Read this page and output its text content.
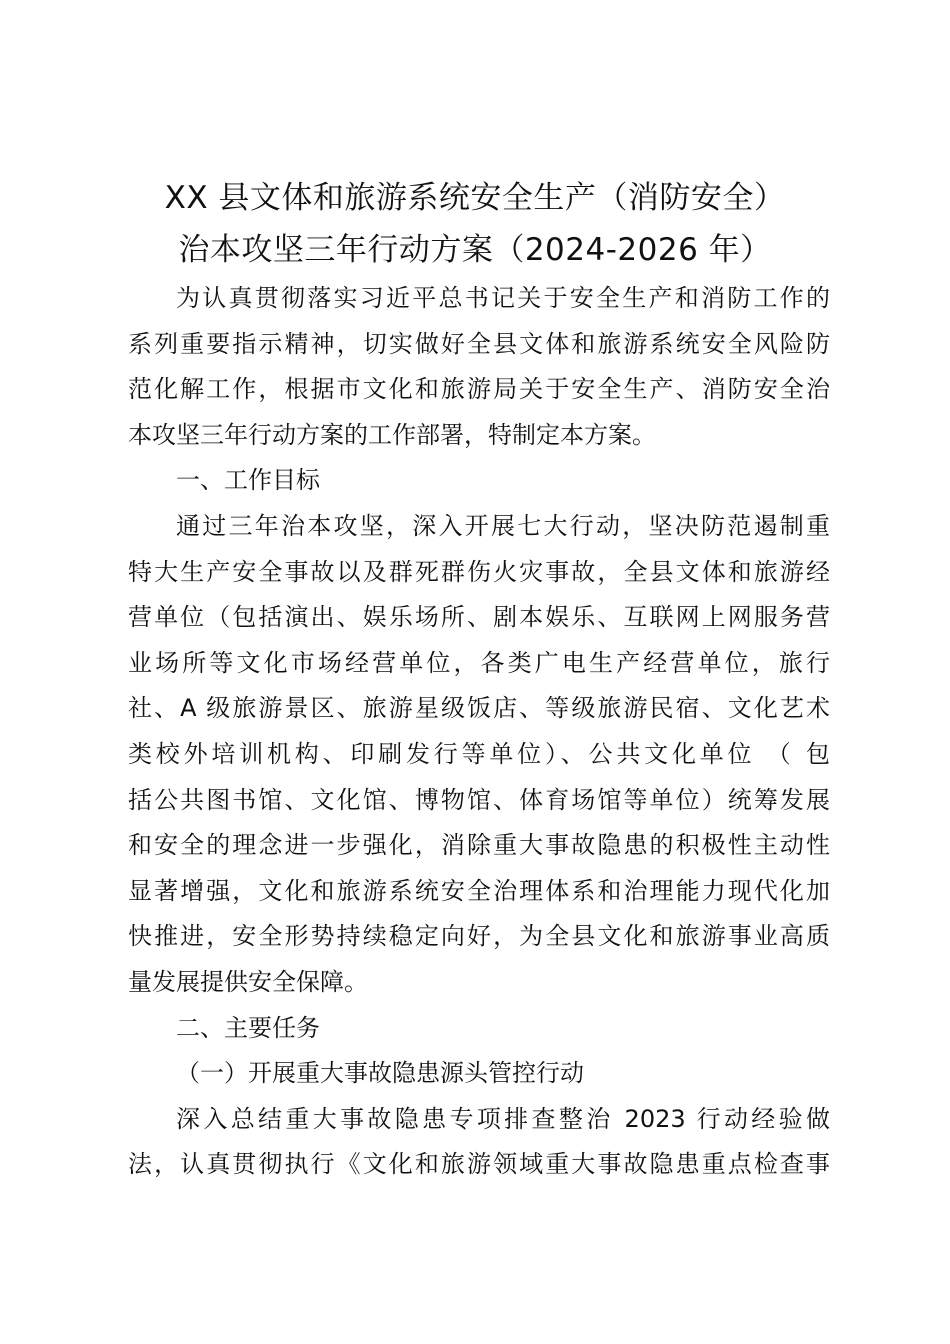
XX 县文体和旅游系统安全生产（消防安全）
治本攻坚三年行动方案（2024-2026 年）
为认真贯彻落实习近平总书记关于安全生产和消防工作的
系列重要指示精神，切实做好全县文体和旅游系统安全风险防
范化解工作，根据市文化和旅游局关于安全生产、消防安全治
本攻坚三年行动方案的工作部署，特制定本方案。
一、工作目标
通过三年治本攻坚，深入开展七大行动，坚决防范遏制重
特大生产安全事故以及群死群伤火灾事故，全县文体和旅游经
营单位（包括演出、娱乐场所、剧本娱乐、互联网上网服务营
业场所等文化市场经营单位，各类广电生产经营单位，旅行
社、A 级旅游景区、旅游星级饭店、等级旅游民宿、文化艺术
类校外培训机构、印刷发行等单位）、公共文化单位 （ 包
括公共图书馆、文化馆、博物馆、体育场馆等单位）统筹发展
和安全的理念进一步强化，消除重大事故隐患的积极性主动性
显著增强，文化和旅游系统安全治理体系和治理能力现代化加
快推进，安全形势持续稳定向好，为全县文化和旅游事业高质
量发展提供安全保障。
二、主要任务
（一）开展重大事故隐患源头管控行动
深入总结重大事故隐患专项排查整治 2023 行动经验做
法，认真贯彻执行《文化和旅游领域重大事故隐患重点检查事
